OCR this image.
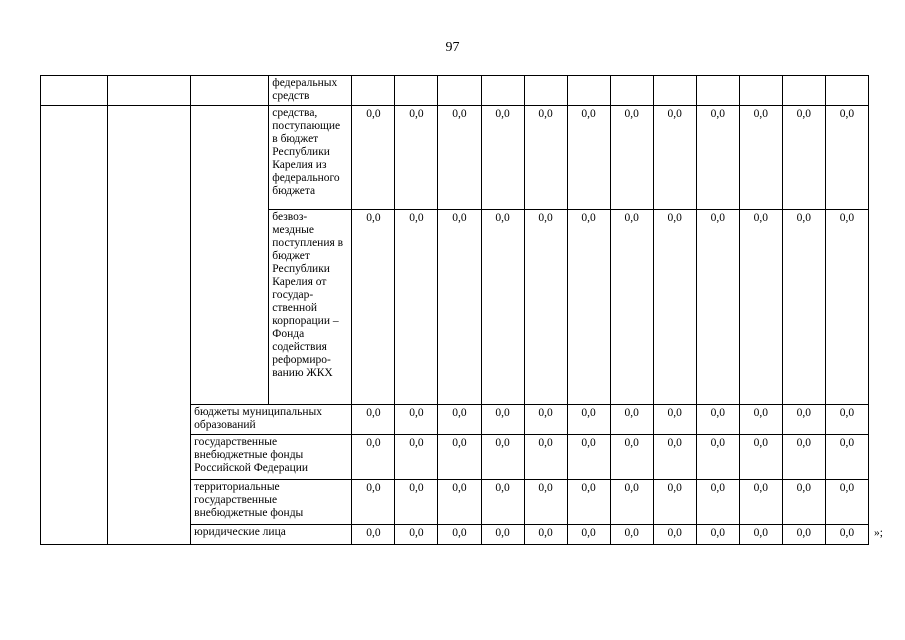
97
			федеральных средств												
			средства, поступающие в бюджет Республики Карелия из федерального бюджета	0,0	0,0	0,0	0,0	0,0	0,0	0,0	0,0	0,0	0,0	0,0	0,0
			безвоз-мездные поступления в бюджет Республики Карелия от государ-ственной корпорации – Фонда содействия реформиро-ванию ЖКХ	0,0	0,0	0,0	0,0	0,0	0,0	0,0	0,0	0,0	0,0	0,0	0,0
		бюджеты муниципальных образований		0,0	0,0	0,0	0,0	0,0	0,0	0,0	0,0	0,0	0,0	0,0	0,0
		государственные внебюджетные фонды Российской Федерации		0,0	0,0	0,0	0,0	0,0	0,0	0,0	0,0	0,0	0,0	0,0	0,0
		территориальные государственные внебюджетные фонды		0,0	0,0	0,0	0,0	0,0	0,0	0,0	0,0	0,0	0,0	0,0	0,0
		юридические лица		0,0	0,0	0,0	0,0	0,0	0,0	0,0	0,0	0,0	0,0	0,0	0,0 »;
